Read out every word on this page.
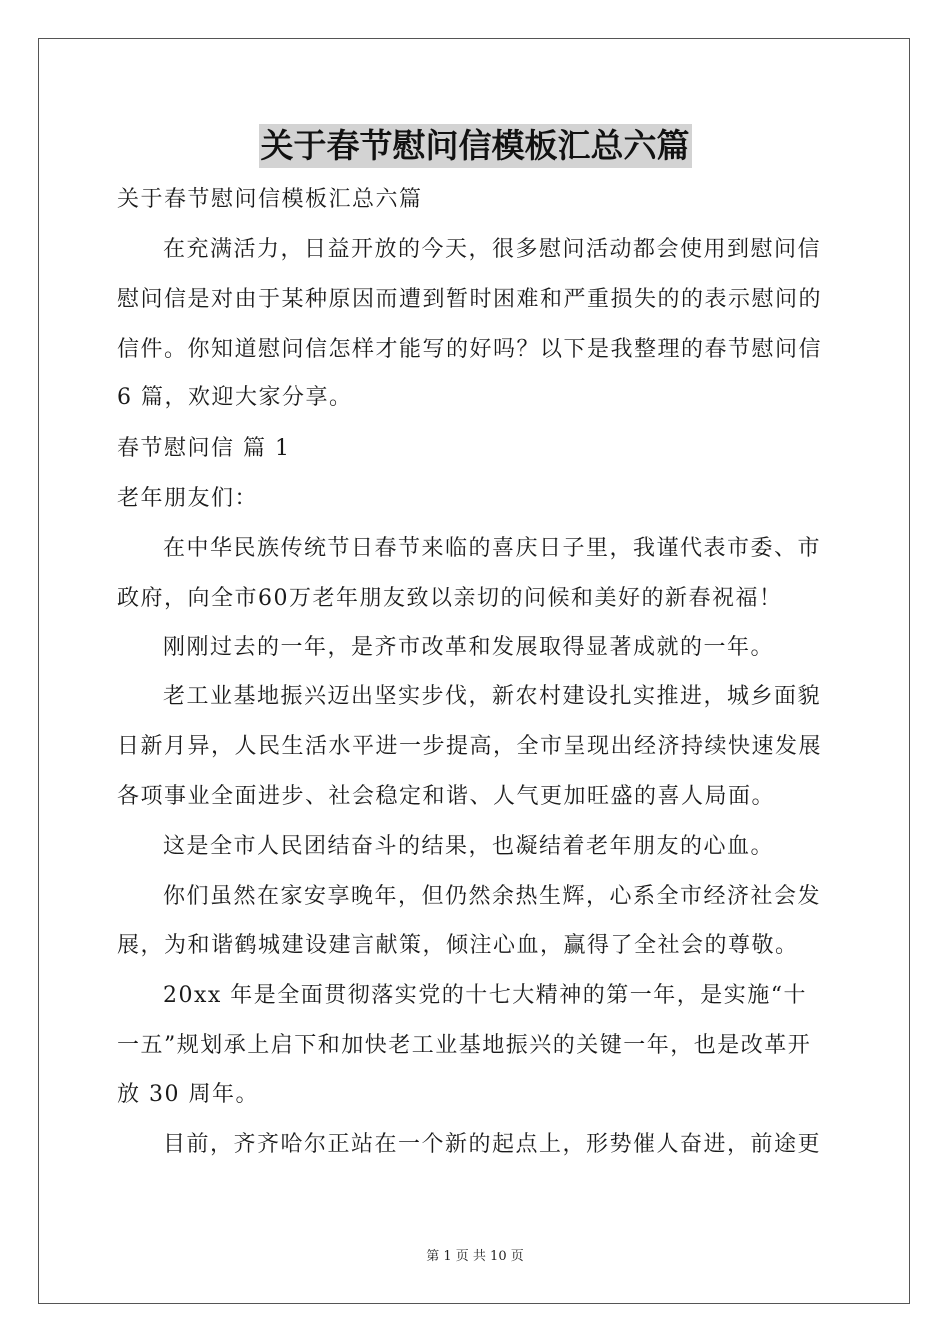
关于春节慰问信模板汇总六篇
关于春节慰问信模板汇总六篇
在充满活力，日益开放的今天，很多慰问活动都会使用到慰问信
慰问信是对由于某种原因而遭到暂时困难和严重损失的的表示慰问的
信件。你知道慰问信怎样才能写的好吗？以下是我整理的春节慰问信
6 篇，欢迎大家分享。
春节慰问信 篇 1
老年朋友们：
在中华民族传统节日春节来临的喜庆日子里，我谨代表市委、市
政府，向全市60万老年朋友致以亲切的问候和美好的新春祝福！
刚刚过去的一年，是齐市改革和发展取得显著成就的一年。
老工业基地振兴迈出坚实步伐，新农村建设扎实推进，城乡面貌
日新月异，人民生活水平进一步提高，全市呈现出经济持续快速发展
各项事业全面进步、社会稳定和谐、人气更加旺盛的喜人局面。
这是全市人民团结奋斗的结果，也凝结着老年朋友的心血。
你们虽然在家安享晚年，但仍然余热生辉，心系全市经济社会发
展，为和谐鹤城建设建言献策，倾注心血，赢得了全社会的尊敬。
20xx 年是全面贯彻落实党的十七大精神的第一年，是实施“十
一五”规划承上启下和加快老工业基地振兴的关键一年，也是改革开
放 30 周年。
目前，齐齐哈尔正站在一个新的起点上，形势催人奋进，前途更
第 1 页 共 10 页
